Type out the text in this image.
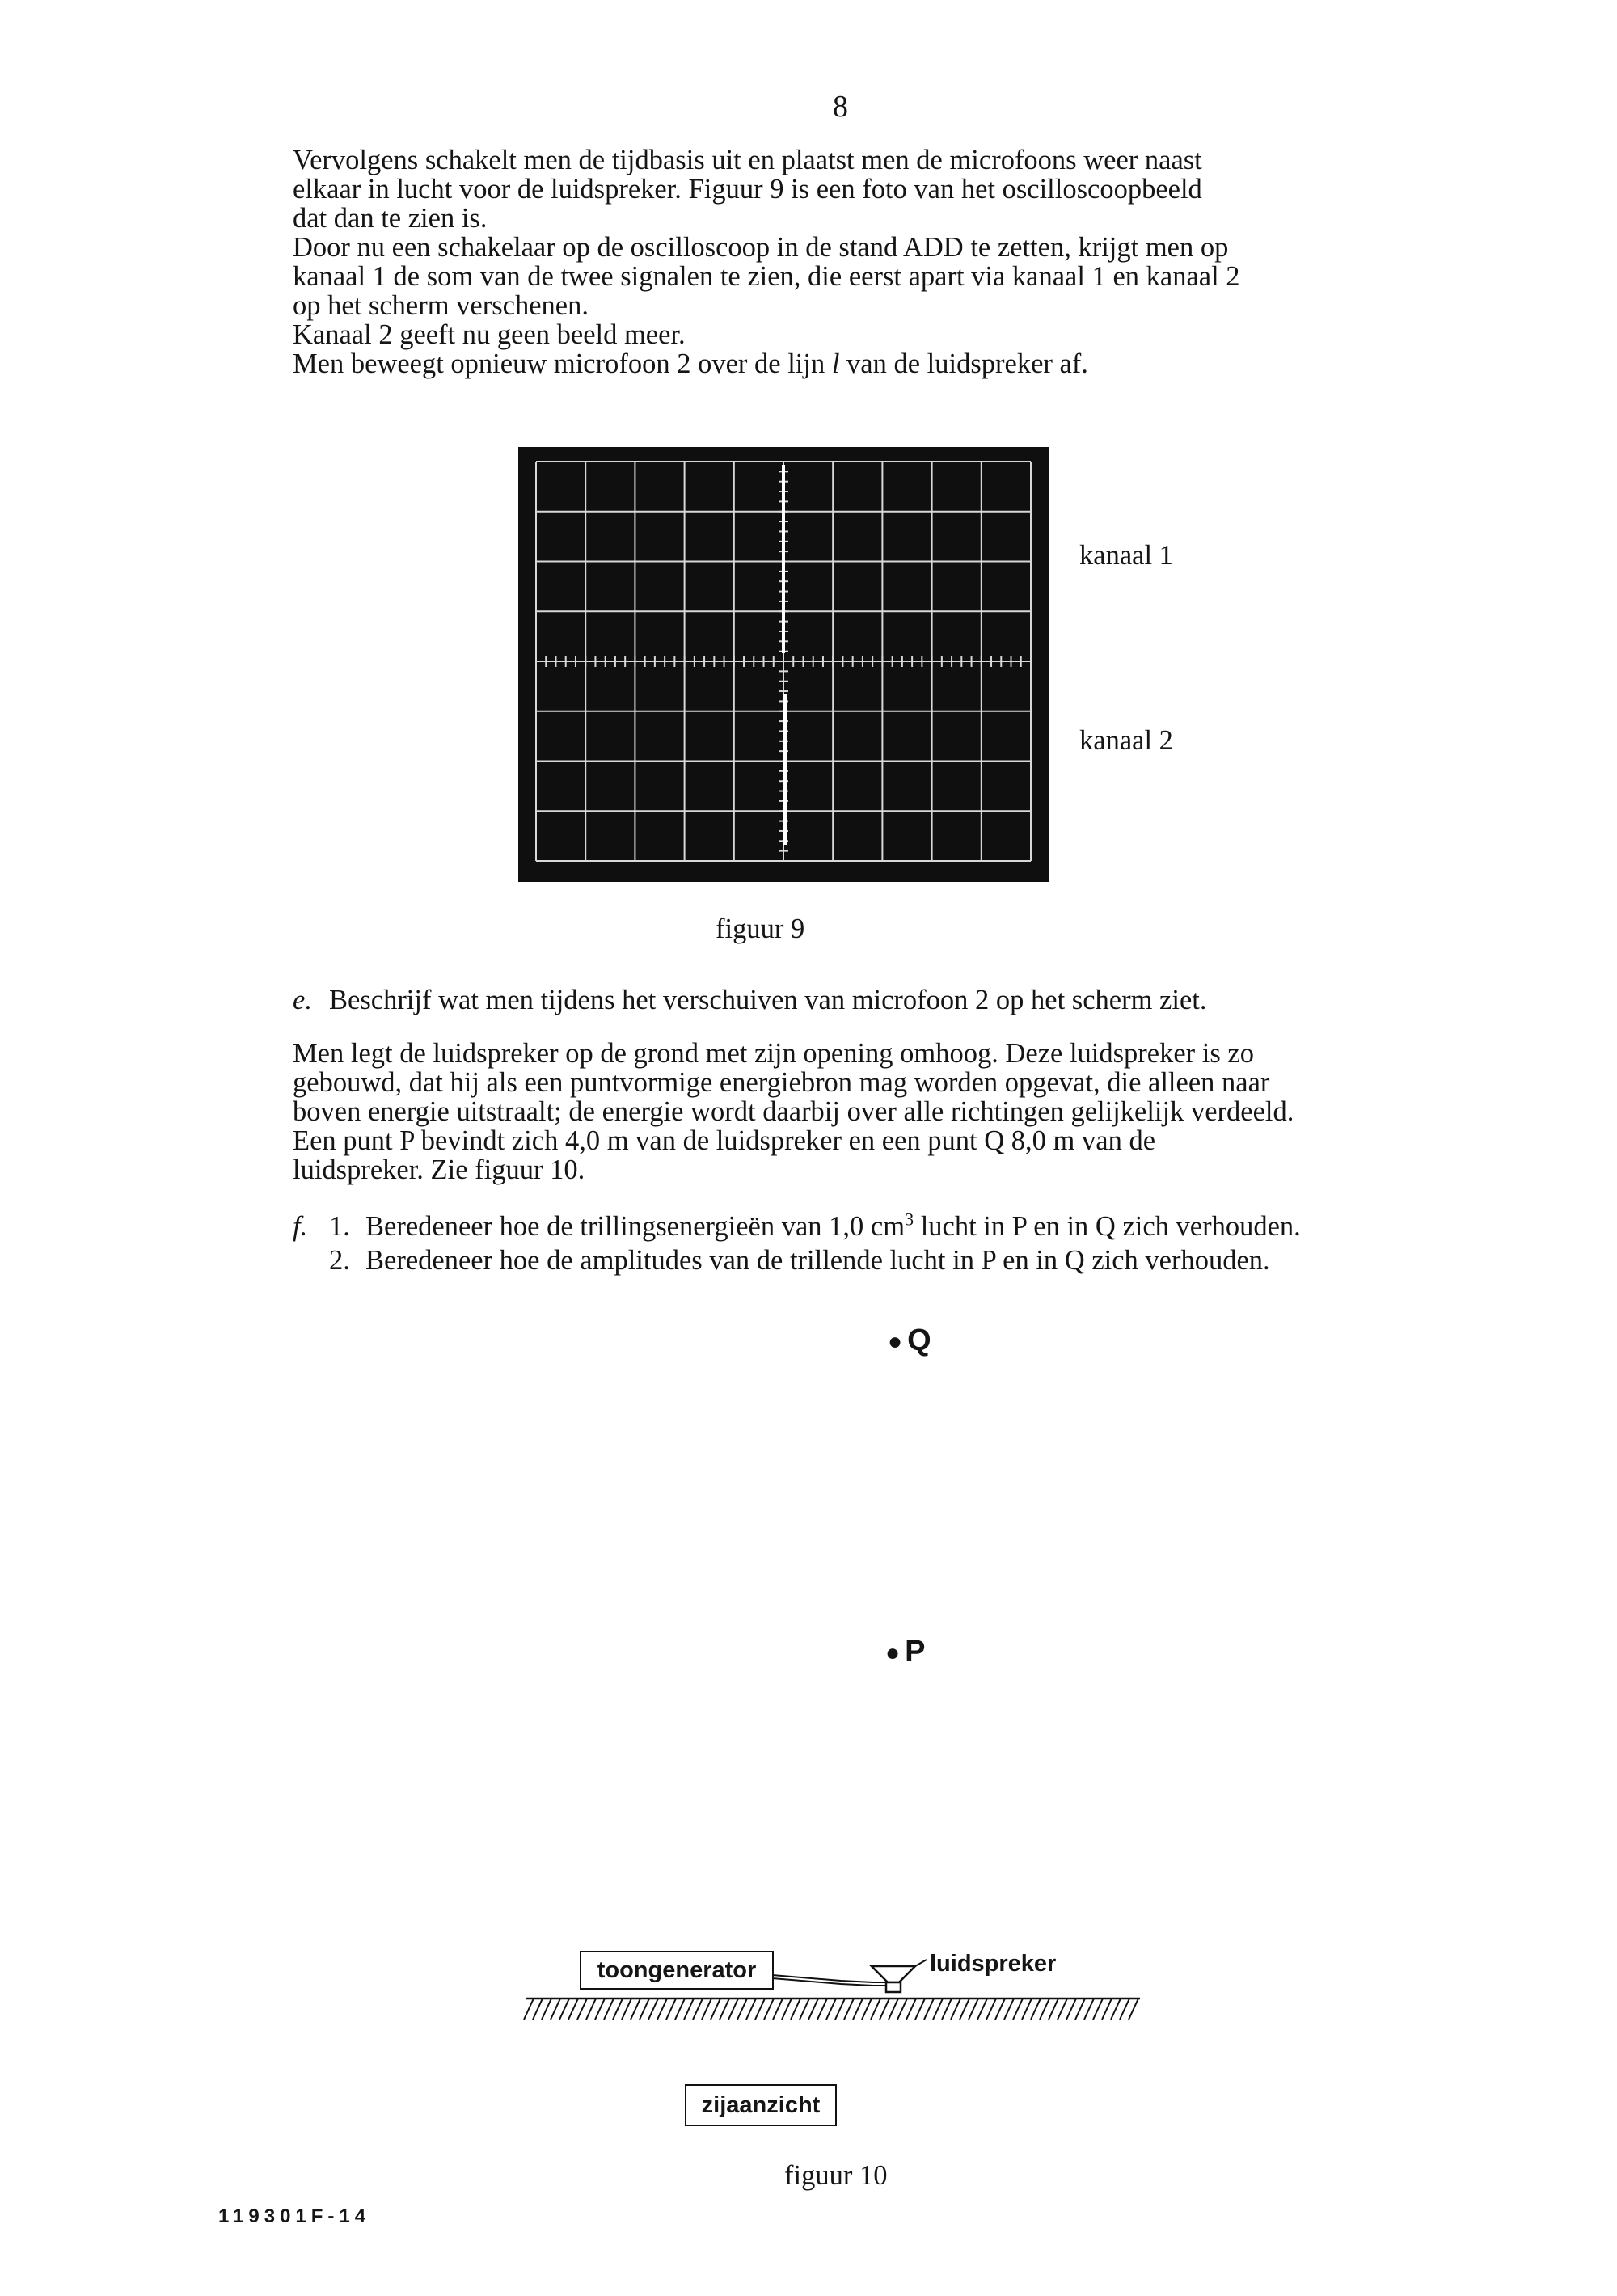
8

Vervolgens schakelt men de tijdbasis uit en plaatst men de microfoons weer naast
elkaar in lucht voor de luidspreker. Figuur 9 is een foto van het oscilloscoopbeeld
dat dan te zien is.
Door nu een schakelaar op de oscilloscoop in de stand ADD te zetten, krijgt men op
kanaal 1 de som van de twee signalen te zien, die eerst apart via kanaal 1 en kanaal 2
op het scherm verschenen.
Kanaal 2 geeft nu geen beeld meer.
Men beweegt opnieuw microfoon 2 over de lijn l van de luidspreker af.

kanaal 1
kanaal 2
figuur 9
e. Beschrijf wat men tijdens het verschuiven van microfoon 2 op het scherm ziet.

Men legt de luidspreker op de grond met zijn opening omhoog. Deze luidspreker is zo
gebouwd, dat hij als een puntvormige energiebron mag worden opgevat, die alleen naar
boven energie uitstraalt; de energie wordt daarbij over alle richtingen gelijkelijk verdeeld.
Een punt P bevindt zich 4,0 m van de luidspreker en een punt Q 8,0 m van de
luidspreker. Zie figuur 10.

f. 1. Beredeneer hoe de trillingsenergieën van 1,0 $cm^3$ lucht in P en in Q zich verhouden.
2. Beredeneer hoe de amplitudes van de trillende lucht in P en in Q zich verhouden.
● Q
● P
toongenerator	luidspreker
zijaanzicht
figuur 10
119301F-14
